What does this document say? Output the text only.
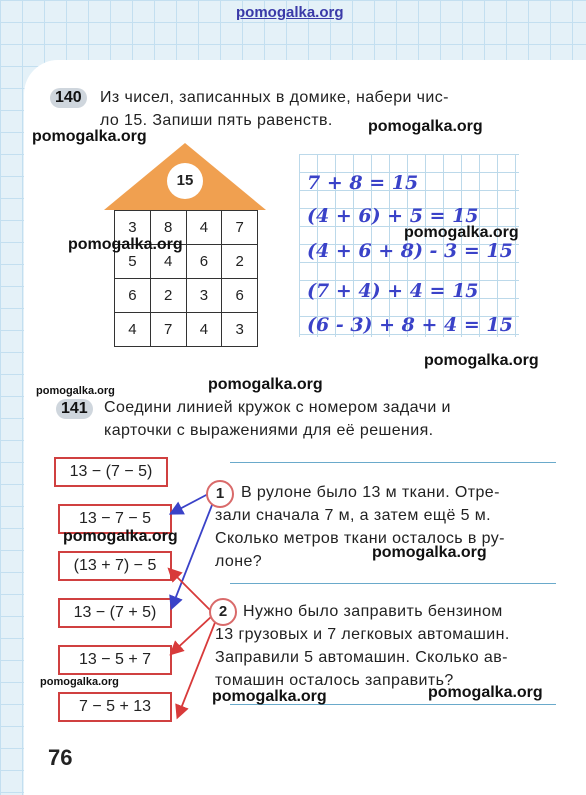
140	Из чисел, записанных в домике, набери чис-
ло 15. Запиши пять равенств.
15
3	8	4	7
5	4	6	2
6	2	3	6
4	7	4	3
7 + 8 = 15
(4 + 6) + 5 = 15
(4 + 6 + 8) - 3 = 15
(7 + 4) + 4 = 15
(6 - 3) + 8 + 4 = 15
141	Соедини линией кружок с номером задачи и
карточки с выражениями для её решения.
13 − (7 − 5)
13 − 7 − 5
(13 + 7) − 5
13 − (7 + 5)
13 − 5 + 7
7 − 5 + 13
1	В рулоне было 13 м ткани. Отре-
зали сначала 7 м, а затем ещё 5 м.
Сколько метров ткани осталось в ру-
лоне?
2 Нужно было заправить бензином
13 грузовых и 7 легковых автомашин.
Заправили 5 автомашин. Сколько ав-
томашин осталось заправить?
76
pomogalka.org
pomogalka.org
pomogalka.org
pomogalka.org
pomogalka.org
pomogalka.org
pomogalka.org	pomogalka.org
pomogalka.org
pomogalka.org
pomogalka.org
pomogalka.org
pomogalka.org
